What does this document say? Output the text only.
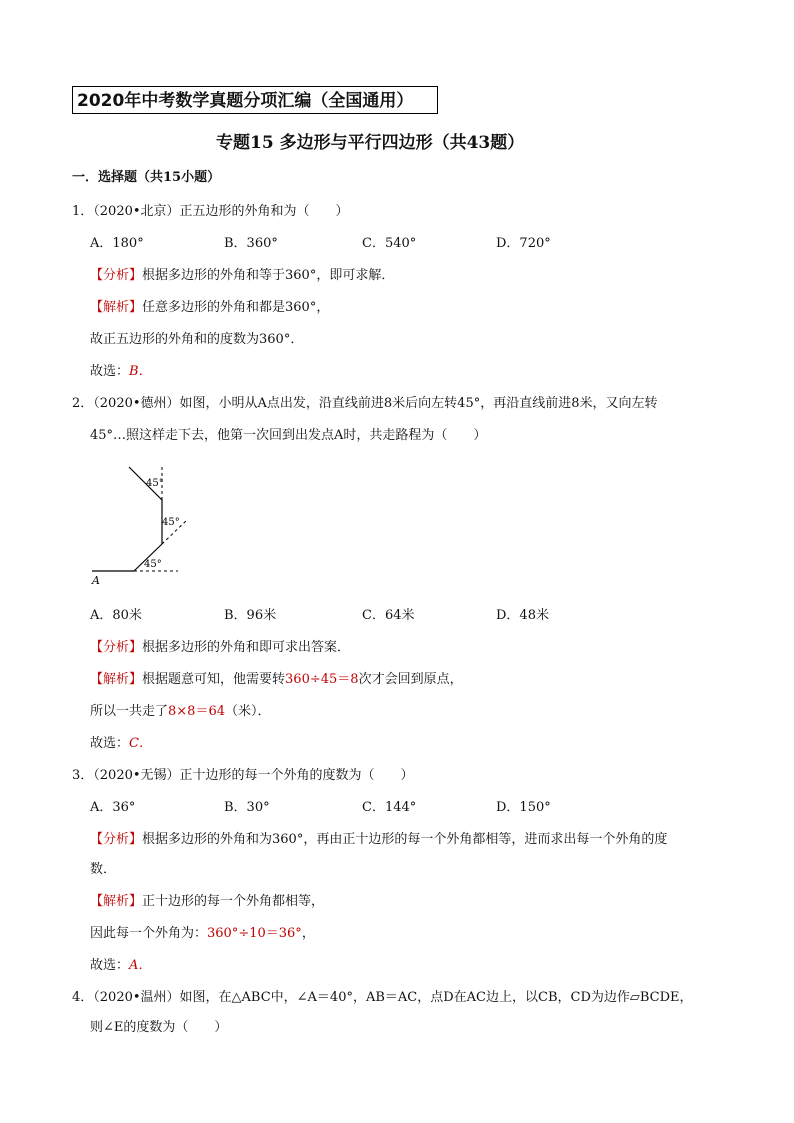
2020年中考数学真题分项汇编（全国通用）
专题15 多边形与平行四边形（共43题）
一．选择题（共15小题）
1．（2020•北京）正五边形的外角和为（　　）
A．180°	B．360°	C．540°	D．720°
【分析】根据多边形的外角和等于360°，即可求解．
【解析】任意多边形的外角和都是360°，
故正五边形的外角和的度数为360°．
故选：B．
2．（2020•德州）如图，小明从A点出发，沿直线前进8米后向左转45°，再沿直线前进8米，又向左转
45°…照这样走下去，他第一次回到出发点A时，共走路程为（　　）
45°
45°
45°
A
A．80米	B．96米	C．64米	D．48米
【分析】根据多边形的外角和即可求出答案．
【解析】根据题意可知，他需要转360÷45＝8次才会回到原点，
所以一共走了8×8＝64（米）．
故选：C．
3．（2020•无锡）正十边形的每一个外角的度数为（　　）
A．36°	B．30°	C．144°	D．150°
【分析】根据多边形的外角和为360°，再由正十边形的每一个外角都相等，进而求出每一个外角的度
数．
【解析】正十边形的每一个外角都相等，
因此每一个外角为：360°÷10＝36°，
故选：A．
4．（2020•温州）如图，在△ABC中，∠A＝40°，AB＝AC，点D在AC边上，以CB，CD为边作▱BCDE，
则∠E的度数为（　　）
